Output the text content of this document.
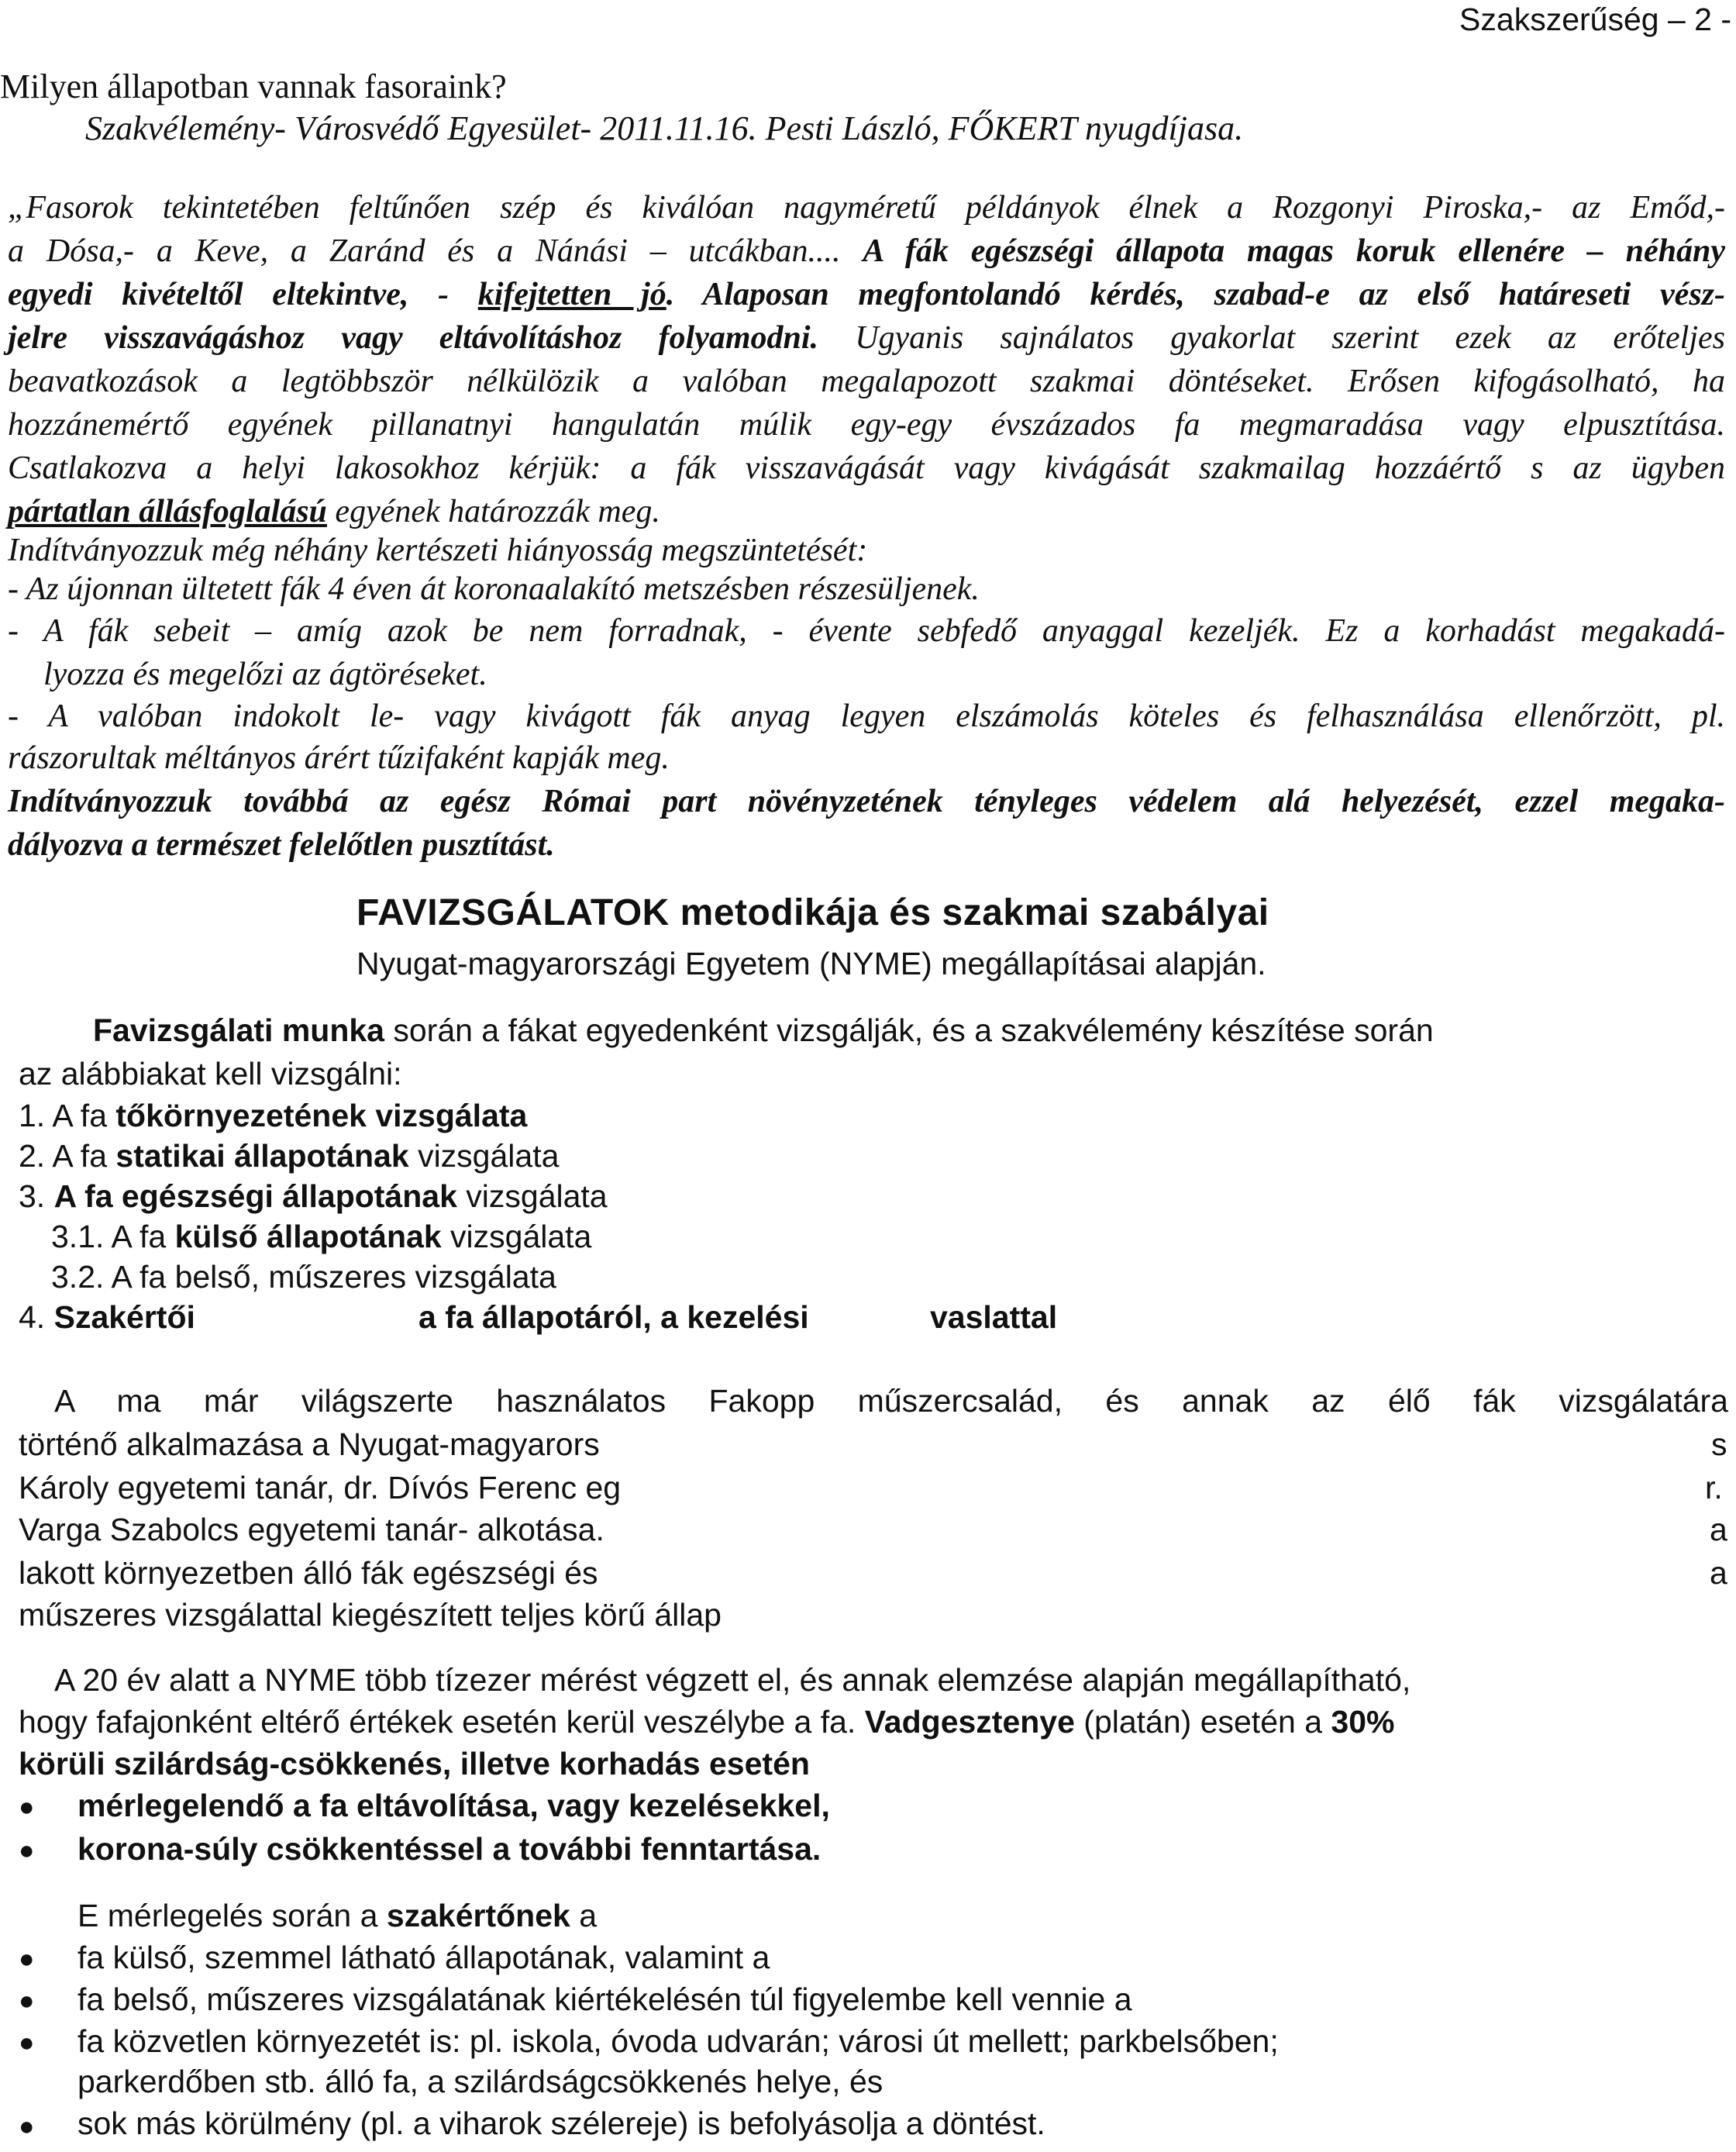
Szakszerűség – 2 -
Milyen állapotban vannak fasoraink?
Szakvélemény- Városvédő Egyesület- 2011.11.16. Pesti László, FŐKERT nyugdíjasa.
„Fasorok tekintetében feltűnően szép és kiválóan nagyméretű példányok élnek a Rozgonyi Piroska,- az Emőd,-
a Dósa,- a Keve, a Zaránd és a Nánási – utcákban.... A fák egészségi állapota magas koruk ellenére – néhány
egyedi kivételtől eltekintve, - kifejtetten jó. Alaposan megfontolandó kérdés, szabad-e az első határeseti vész-
jelre visszavágáshoz vagy eltávolításhoz folyamodni. Ugyanis sajnálatos gyakorlat szerint ezek az erőteljes
beavatkozások a legtöbbször nélkülözik a valóban megalapozott szakmai döntéseket. Erősen kifogásolható, ha
hozzánemértő egyének pillanatnyi hangulatán múlik egy-egy évszázados fa megmaradása vagy elpusztítása.
Csatlakozva a helyi lakosokhoz kérjük: a fák visszavágását vagy kivágását szakmailag hozzáértő s az ügyben
pártatlan állásfoglalású egyének határozzák meg.
Indítványozzuk még néhány kertészeti hiányosság megszüntetését:
- Az újonnan ültetett fák 4 éven át koronaalakító metszésben részesüljenek.
- A fák sebeit – amíg azok be nem forradnak, - évente sebfedő anyaggal kezeljék. Ez a korhadást megakadá-
lyozza és megelőzi az ágtöréseket.
- A valóban indokolt le- vagy kivágott fák anyag legyen elszámolás köteles és felhasználása ellenőrzött, pl.
rászorultak méltányos árért tűzifaként kapják meg.
Indítványozzuk továbbá az egész Római part növényzetének tényleges védelem alá helyezését, ezzel megaka-
dályozva a természet felelőtlen pusztítást.
FAVIZSGÁLATOK metodikája és szakmai szabályai
Nyugat-magyarországi Egyetem (NYME) megállapításai alapján.
Favizsgálati munka során a fákat egyedenként vizsgálják, és a szakvélemény készítése során
az alábbiakat kell vizsgálni:
1. A fa tőkörnyezetének vizsgálata
2. A fa statikai állapotának vizsgálata
3. A fa egészségi állapotának vizsgálata
3.1. A fa külső állapotának vizsgálata
3.2. A fa belső, műszeres vizsgálata
4. Szakértői	a fa állapotáról, a kezelési	vaslattal
A ma már világszerte használatos Fakopp műszercsalád, és annak az élő fák vizsgálatára
történő alkalmazása a Nyugat-magyarors	s
Károly egyetemi tanár, dr. Dívós Ferenc eg	r.
Varga Szabolcs egyetemi tanár- alkotása.	a
lakott környezetben álló fák egészségi és	a
műszeres vizsgálattal kiegészített teljes körű állap
A 20 év alatt a NYME több tízezer mérést végzett el, és annak elemzése alapján megállapítható,
hogy fafajonként eltérő értékek esetén kerül veszélybe a fa. Vadgesztenye (platán) esetén a 30%
körüli szilárdság-csökkenés, illetve korhadás esetén
● mérlegelendő a fa eltávolítása, vagy kezelésekkel,
● korona-súly csökkentéssel a további fenntartása.
E mérlegelés során a szakértőnek a
● fa külső, szemmel látható állapotának, valamint a
● fa belső, műszeres vizsgálatának kiértékelésén túl figyelembe kell vennie a
● fa közvetlen környezetét is: pl. iskola, óvoda udvarán; városi út mellett; parkbelsőben;
parkerdőben stb. álló fa, a szilárdságcsökkenés helye, és
● sok más körülmény (pl. a viharok szélereje) is befolyásolja a döntést.
